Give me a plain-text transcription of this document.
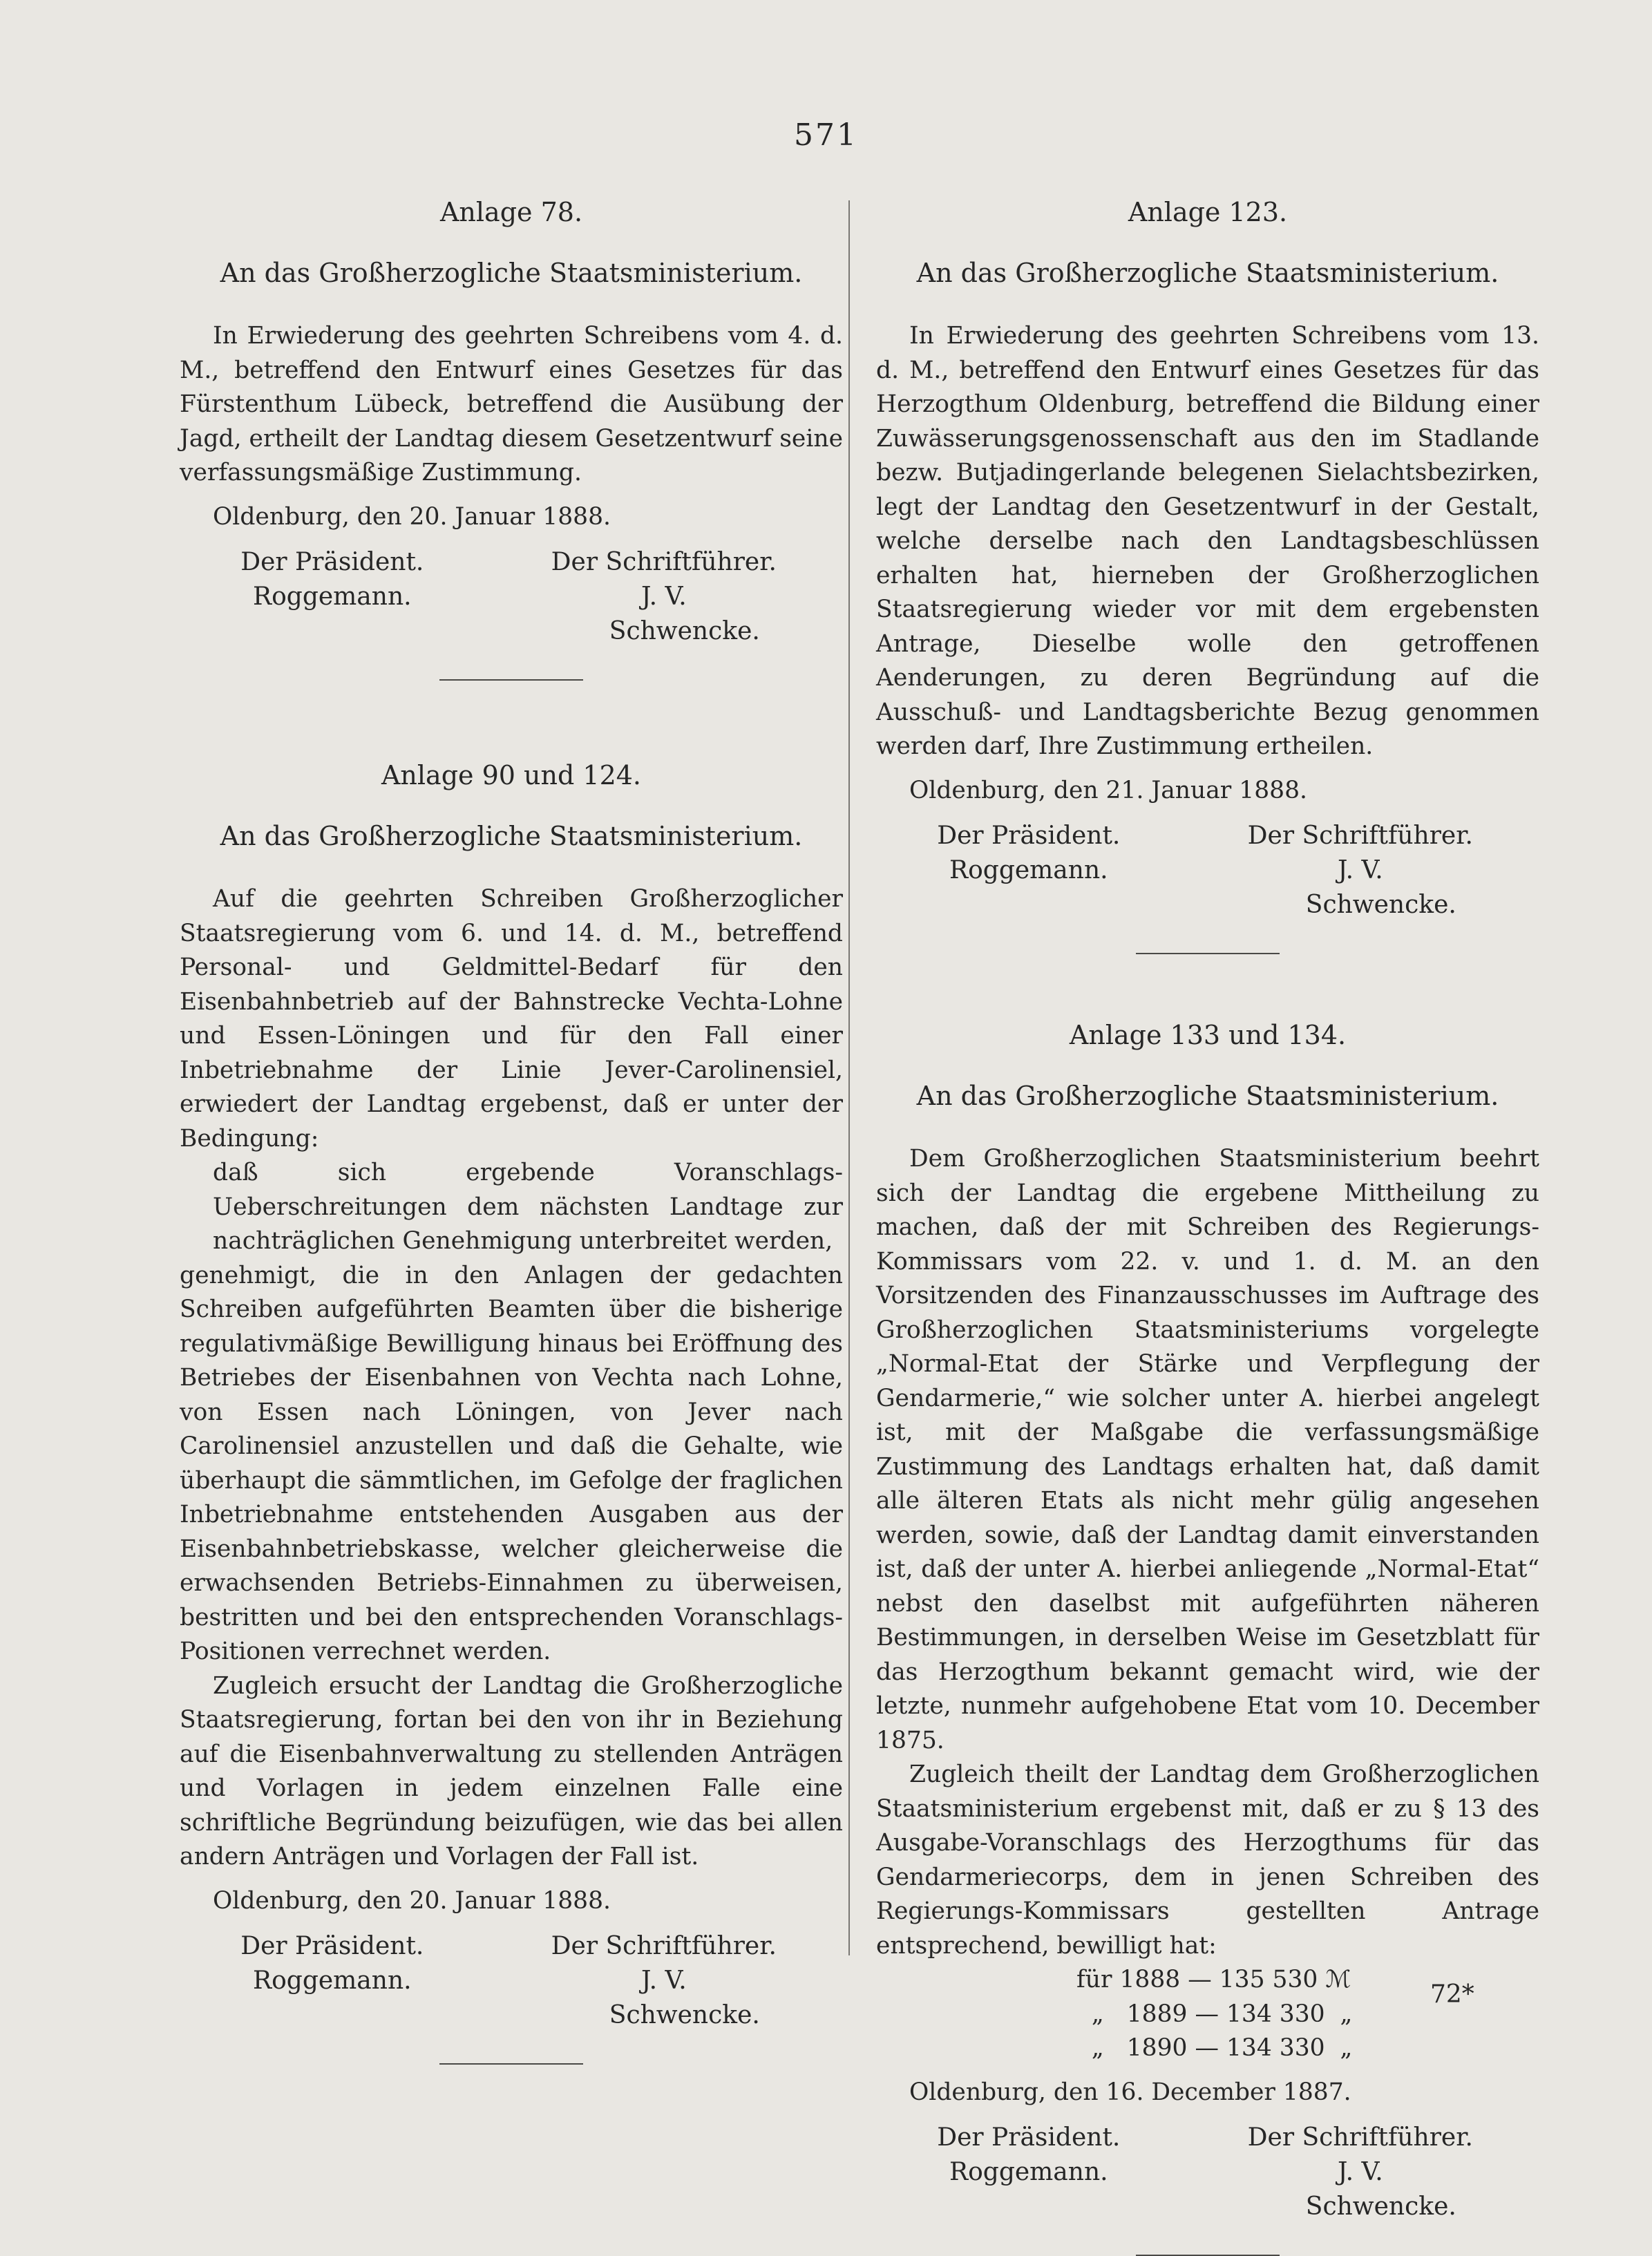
571
Anlage 78.
An das Großherzogliche Staatsministerium.

In Erwiederung des geehrten Schreibens vom 4. d. M., betreffend den Entwurf eines Gesetzes für das Fürstenthum Lübeck, betreffend die Ausübung der Jagd, ertheilt der Landtag diesem Gesetzentwurf seine verfassungsmäßige Zustimmung.

Oldenburg, den 20. Januar 1888.
Der Präsident.
Roggemann.
Der Schriftführer.
J. V.
Schwencke.
Anlage 90 und 124.
An das Großherzogliche Staatsministerium.

Auf die geehrten Schreiben Großherzoglicher Staatsregierung vom 6. und 14. d. M., betreffend Personal- und Geldmittel-Bedarf für den Eisenbahnbetrieb auf der Bahnstrecke Vechta-Lohne und Essen-Löningen und für den Fall einer Inbetriebnahme der Linie Jever-Carolinensiel, erwiedert der Landtag ergebenst, daß er unter der Bedingung:

daß sich ergebende Voranschlags-Ueberschreitungen dem nächsten Landtage zur nachträglichen Genehmigung unterbreitet werden,

genehmigt, die in den Anlagen der gedachten Schreiben aufgeführten Beamten über die bisherige regulativmäßige Bewilligung hinaus bei Eröffnung des Betriebes der Eisenbahnen von Vechta nach Lohne, von Essen nach Löningen, von Jever nach Carolinensiel anzustellen und daß die Gehalte, wie überhaupt die sämmtlichen, im Gefolge der fraglichen Inbetriebnahme entstehenden Ausgaben aus der Eisenbahnbetriebskasse, welcher gleicherweise die erwachsenden Betriebs-Einnahmen zu überweisen, bestritten und bei den entsprechenden Voranschlags-Positionen verrechnet werden.

Zugleich ersucht der Landtag die Großherzogliche Staatsregierung, fortan bei den von ihr in Beziehung auf die Eisenbahnverwaltung zu stellenden Anträgen und Vorlagen in jedem einzelnen Falle eine schriftliche Begründung beizufügen, wie das bei allen andern Anträgen und Vorlagen der Fall ist.

Oldenburg, den 20. Januar 1888.
Der Präsident.
Roggemann.
Der Schriftführer.
J. V.
Schwencke.
Anlage 123.
An das Großherzogliche Staatsministerium.

In Erwiederung des geehrten Schreibens vom 13. d. M., betreffend den Entwurf eines Gesetzes für das Herzogthum Oldenburg, betreffend die Bildung einer Zuwässerungsgenossenschaft aus den im Stadlande bezw. Butjadingerlande belegenen Sielachtsbezirken, legt der Landtag den Gesetzentwurf in der Gestalt, welche derselbe nach den Landtagsbeschlüssen erhalten hat, hierneben der Großherzoglichen Staatsregierung wieder vor mit dem ergebensten Antrage, Dieselbe wolle den getroffenen Aenderungen, zu deren Begründung auf die Ausschuß- und Landtagsberichte Bezug genommen werden darf, Ihre Zustimmung ertheilen.

Oldenburg, den 21. Januar 1888.
Der Präsident.
Roggemann.
Der Schriftführer.
J. V.
Schwencke.
Anlage 133 und 134.
An das Großherzogliche Staatsministerium.

Dem Großherzoglichen Staatsministerium beehrt sich der Landtag die ergebene Mittheilung zu machen, daß der mit Schreiben des Regierungs-Kommissars vom 22. v. und 1. d. M. an den Vorsitzenden des Finanzausschusses im Auftrage des Großherzoglichen Staatsministeriums vorgelegte „Normal-Etat der Stärke und Verpflegung der Gendarmerie,“ wie solcher unter A. hierbei angelegt ist, mit der Maßgabe die verfassungsmäßige Zustimmung des Landtags erhalten hat, daß damit alle älteren Etats als nicht mehr gülig angesehen werden, sowie, daß der Landtag damit einverstanden ist, daß der unter A. hierbei anliegende „Normal-Etat“ nebst den daselbst mit aufgeführten näheren Bestimmungen, in derselben Weise im Gesetzblatt für das Herzogthum bekannt gemacht wird, wie der letzte, nunmehr aufgehobene Etat vom 10. December 1875.

Zugleich theilt der Landtag dem Großherzoglichen Staatsministerium ergebenst mit, daß er zu § 13 des Ausgabe-Voranschlags des Herzogthums für das Gendarmeriecorps, dem in jenen Schreiben des Regierungs-Kommissars gestellten Antrage entsprechend, bewilligt hat:

für 1888 — 135 530 ℳ
„   1889 — 134 330  „
„   1890 — 134 330  „
Oldenburg, den 16. December 1887.
Der Präsident.
Roggemann.
Der Schriftführer.
J. V.
Schwencke.
72*
